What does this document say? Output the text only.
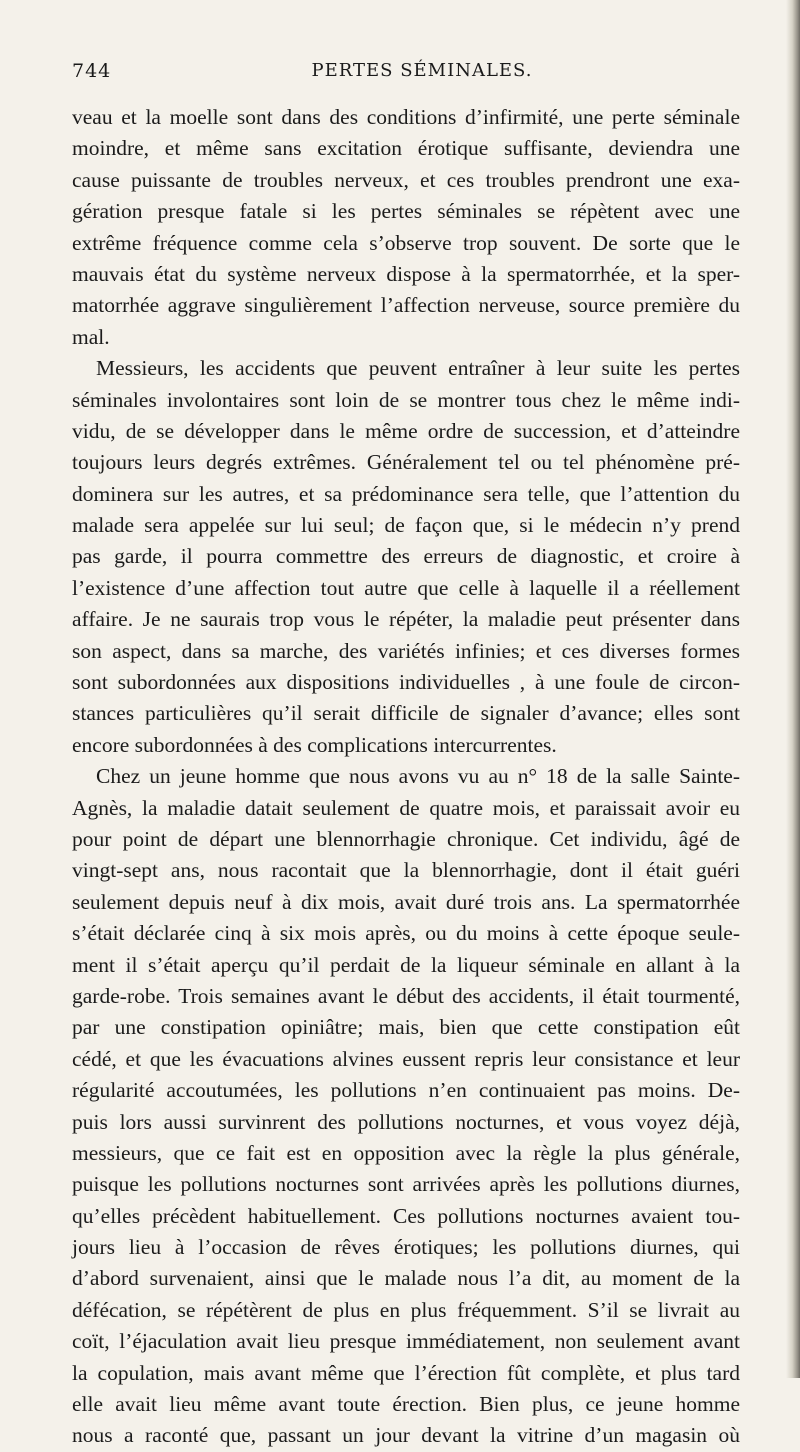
744	PERTES SÉMINALES.
veau et la moelle sont dans des conditions d’infirmité, une perte séminale
moindre, et même sans excitation érotique suffisante, deviendra une
cause puissante de troubles nerveux, et ces troubles prendront une exa-
gération presque fatale si les pertes séminales se répètent avec une
extrême fréquence comme cela s’observe trop souvent. De sorte que le
mauvais état du système nerveux dispose à la spermatorrhée, et la sper-
matorrhée aggrave singulièrement l’affection nerveuse, source première du
mal.
Messieurs, les accidents que peuvent entraîner à leur suite les pertes
séminales involontaires sont loin de se montrer tous chez le même indi-
vidu, de se développer dans le même ordre de succession, et d’atteindre
toujours leurs degrés extrêmes. Généralement tel ou tel phénomène pré-
dominera sur les autres, et sa prédominance sera telle, que l’attention du
malade sera appelée sur lui seul; de façon que, si le médecin n’y prend
pas garde, il pourra commettre des erreurs de diagnostic, et croire à
l’existence d’une affection tout autre que celle à laquelle il a réellement
affaire. Je ne saurais trop vous le répéter, la maladie peut présenter dans
son aspect, dans sa marche, des variétés infinies; et ces diverses formes
sont subordonnées aux dispositions individuelles , à une foule de circon-
stances particulières qu’il serait difficile de signaler d’avance; elles sont
encore subordonnées à des complications intercurrentes.
Chez un jeune homme que nous avons vu au n° 18 de la salle Sainte-
Agnès, la maladie datait seulement de quatre mois, et paraissait avoir eu
pour point de départ une blennorrhagie chronique. Cet individu, âgé de
vingt-sept ans, nous racontait que la blennorrhagie, dont il était guéri
seulement depuis neuf à dix mois, avait duré trois ans. La spermatorrhée
s’était déclarée cinq à six mois après, ou du moins à cette époque seule-
ment il s’était aperçu qu’il perdait de la liqueur séminale en allant à la
garde-robe. Trois semaines avant le début des accidents, il était tourmenté,
par une constipation opiniâtre; mais, bien que cette constipation eût
cédé, et que les évacuations alvines eussent repris leur consistance et leur
régularité accoutumées, les pollutions n’en continuaient pas moins. De-
puis lors aussi survinrent des pollutions nocturnes, et vous voyez déjà,
messieurs, que ce fait est en opposition avec la règle la plus générale,
puisque les pollutions nocturnes sont arrivées après les pollutions diurnes,
qu’elles précèdent habituellement. Ces pollutions nocturnes avaient tou-
jours lieu à l’occasion de rêves érotiques; les pollutions diurnes, qui
d’abord survenaient, ainsi que le malade nous l’a dit, au moment de la
défécation, se répétèrent de plus en plus fréquemment. S’il se livrait au
coït, l’éjaculation avait lieu presque immédiatement, non seulement avant
la copulation, mais avant même que l’érection fût complète, et plus tard
elle avait lieu même avant toute érection. Bien plus, ce jeune homme
nous a raconté que, passant un jour devant la vitrine d’un magasin où
